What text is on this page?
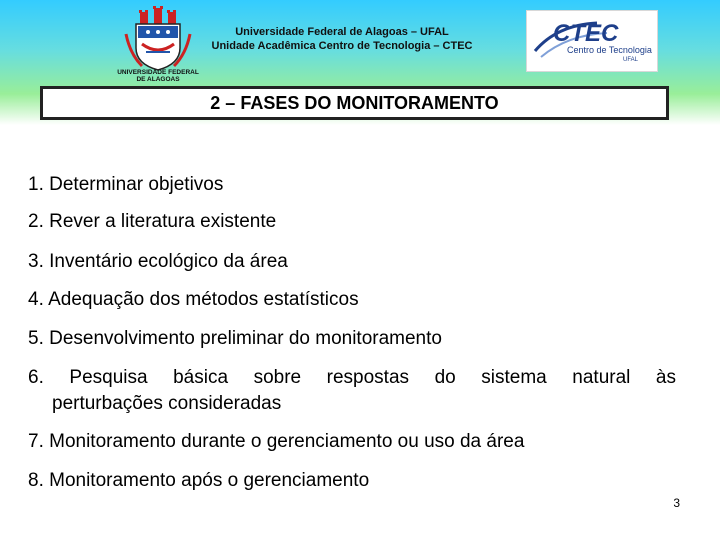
UNIVERSIDADE FEDERAL
DE ALAGOAS
Universidade Federal de Alagoas – UFAL
Unidade Acadêmica Centro de Tecnologia – CTEC	CTEC
Centro de Tecnologia
UFAL
2 – FASES DO MONITORAMENTO
1. Determinar objetivos
2. Rever a literatura existente
3. Inventário ecológico da área
4. Adequação dos métodos estatísticos
5. Desenvolvimento preliminar do monitoramento
6. Pesquisa básica sobre respostas do sistema natural às
perturbações consideradas
7. Monitoramento durante o gerenciamento ou uso da área
8. Monitoramento após o gerenciamento
3
